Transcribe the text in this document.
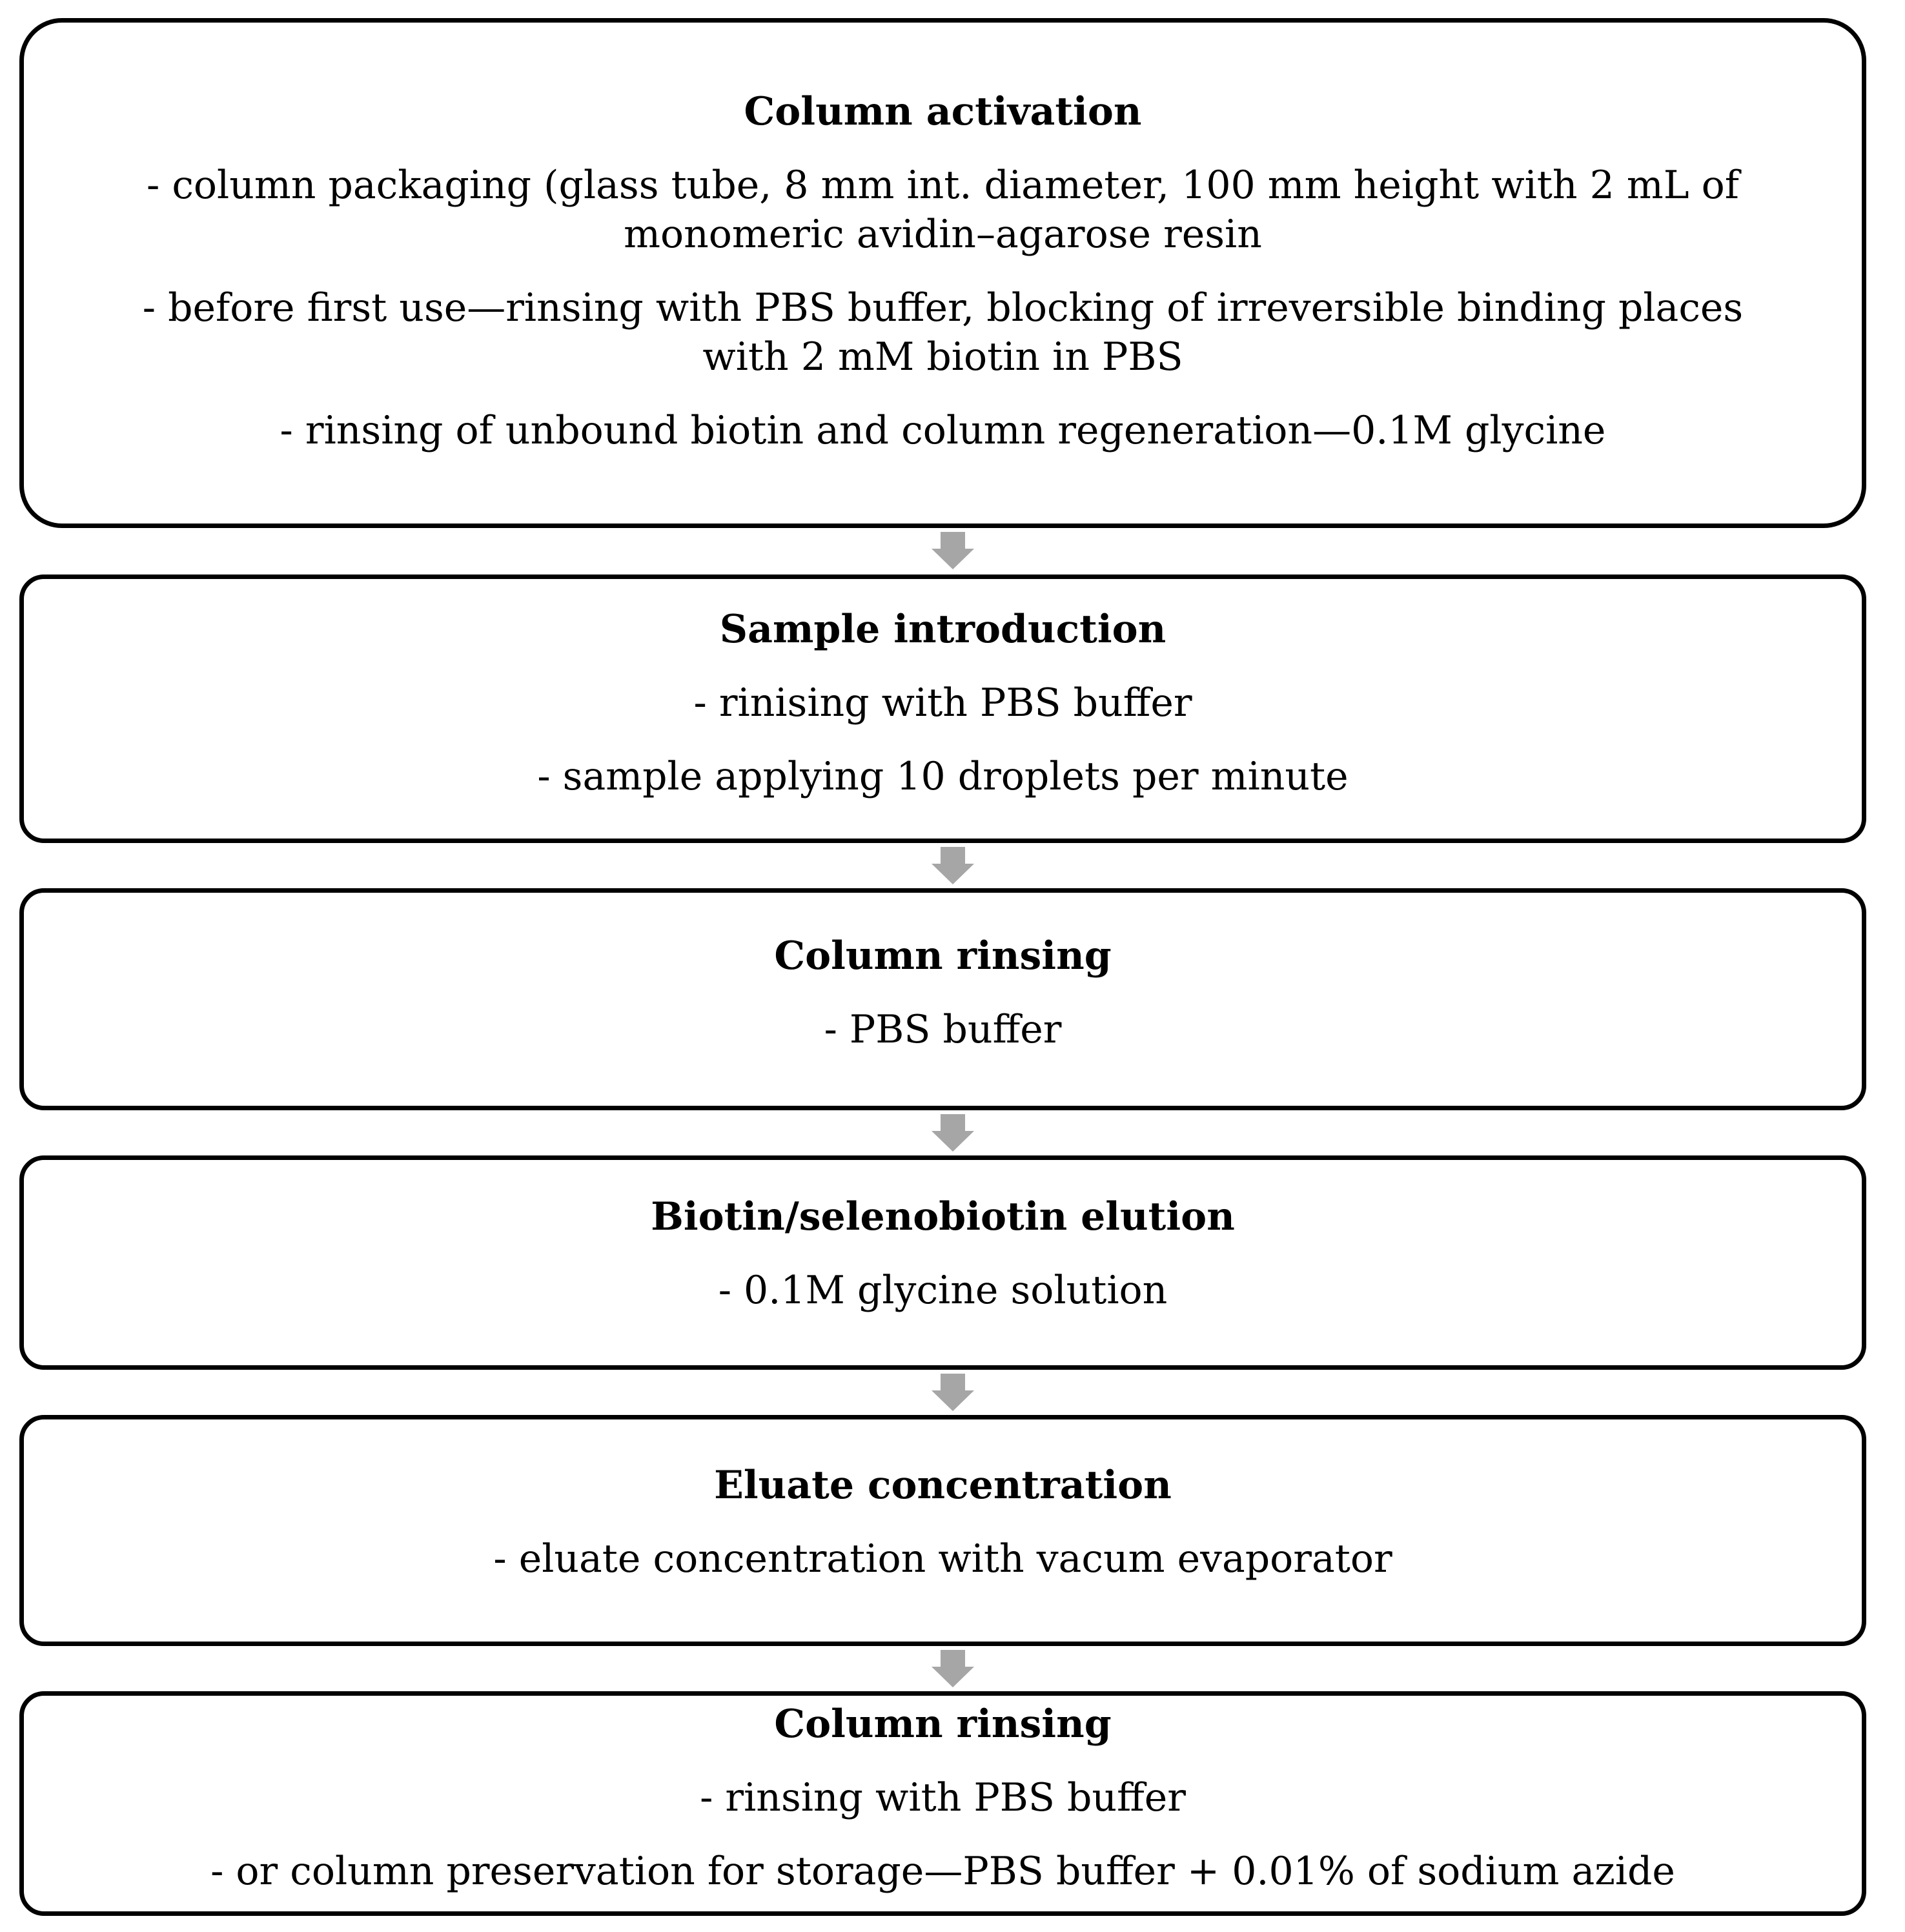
Column activation
- column packaging (glass tube, 8 mm int. diameter, 100 mm height with 2 mL of monomeric avidin–agarose resin
- before first use—rinsing with PBS buffer, blocking of irreversible binding places with 2 mM biotin in PBS
- rinsing of unbound biotin and column regeneration—0.1M glycine
Sample introduction
- rinising with PBS buffer
- sample applying 10 droplets per minute
Column rinsing
- PBS buffer
Biotin/selenobiotin elution
- 0.1M glycine solution
Eluate concentration
- eluate concentration with vacum evaporator
Column rinsing
- rinsing with PBS buffer
- or column preservation for storage—PBS buffer + 0.01% of sodium azide
